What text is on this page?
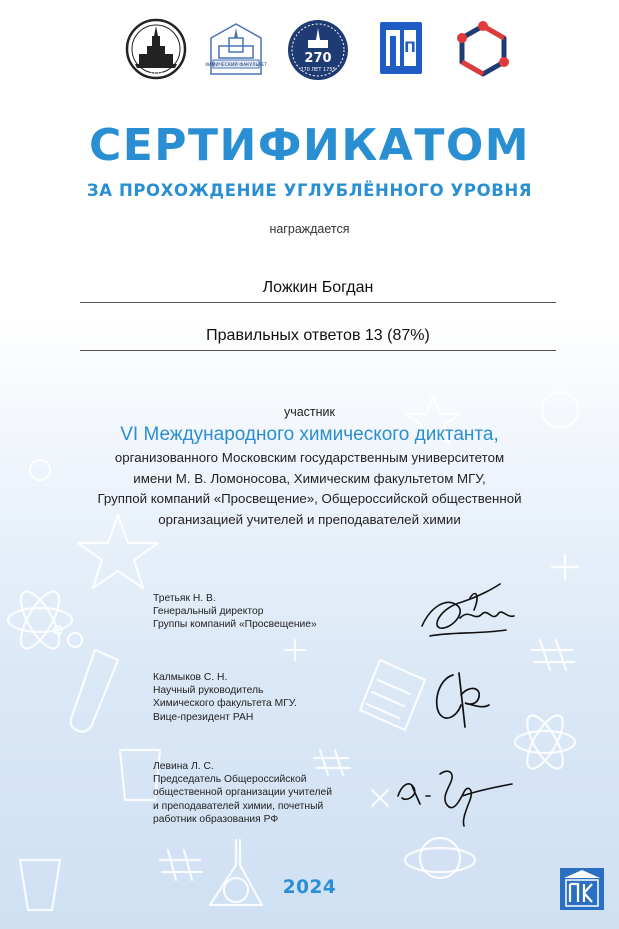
1755
ХИМИЧЕСКИЙ ФАКУЛЬТЕТ	270
270 ЛЕТ 1755
П
СЕРТИФИКАТОМ
ЗА ПРОХОЖДЕНИЕ УГЛУБЛЁННОГО УРОВНЯ
награждается
Ложкин Богдан
Правильных ответов 13 (87%)
участник
VI Международного химического диктанта,
организованного Московским государственным университетом
имени М. В. Ломоносова, Химическим факультетом МГУ,
Группой компаний «Просвещение», Общероссийской общественной
организацией учителей и преподавателей химии
Третьяк Н. В.
Генеральный директор
Группы компаний «Просвещение»
Калмыков С. Н.
Научный руководитель
Химического факультета МГУ.
Вице-президент РАН
Левина Л. С.
Председатель Общероссийской
общественной организации учителей
и преподавателей химии, почетный
работник образования РФ
2024
